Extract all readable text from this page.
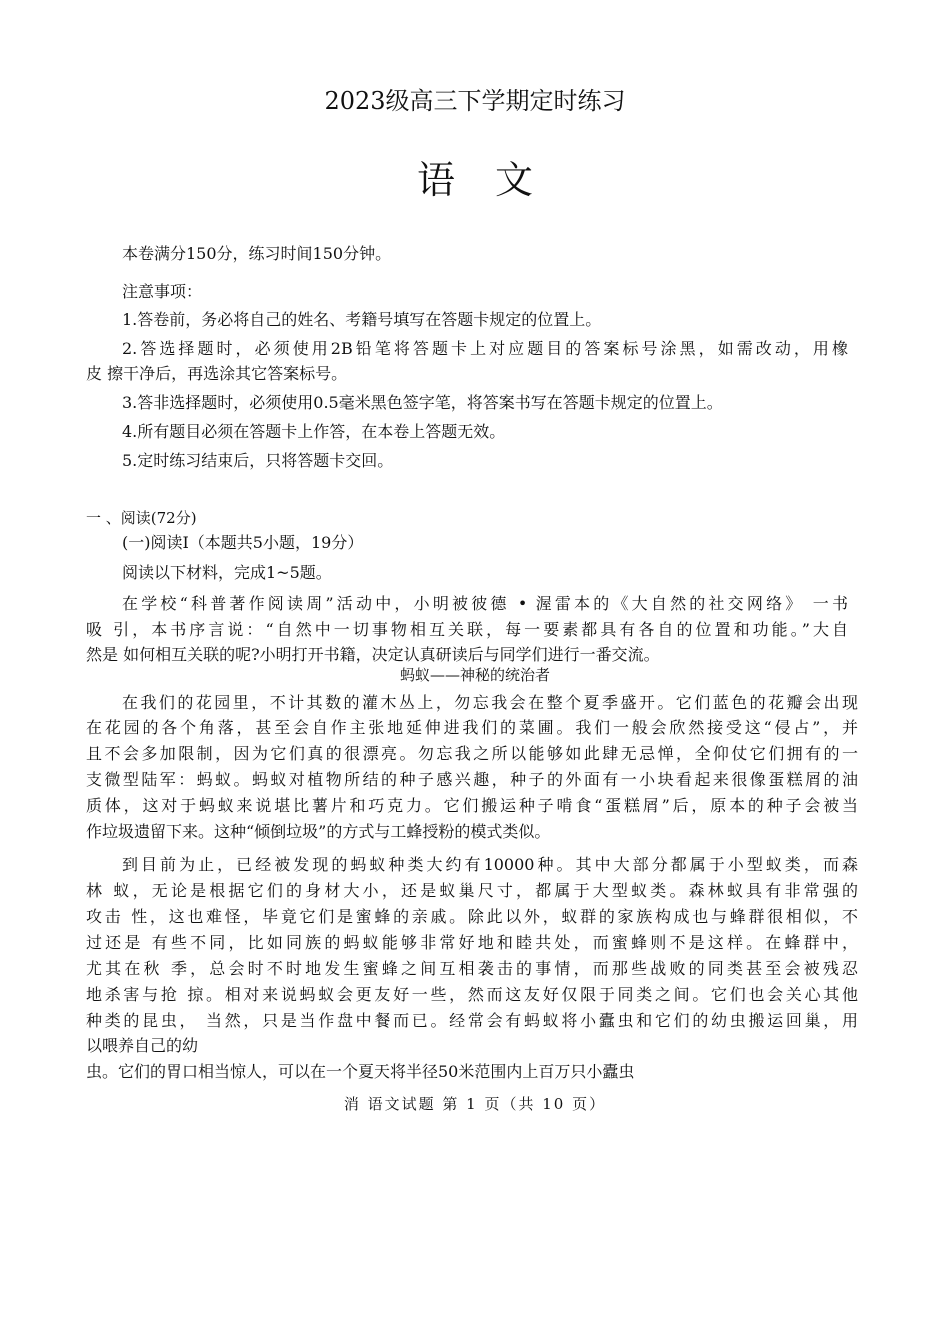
2023级高三下学期定时练习
语文
本卷满分150分，练习时间150分钟。
注意事项：
1.答卷前，务必将自己的姓名、考籍号填写在答题卡规定的位置上。
2.答选择题时，必须使用2B铅笔将答题卡上对应题目的答案标号涂黑，如需改动，用橡
皮 擦干净后，再选涂其它答案标号。
3.答非选择题时，必须使用0.5毫米黑色签字笔，将答案书写在答题卡规定的位置上。
4.所有题目必须在答题卡上作答，在本卷上答题无效。
5.定时练习结束后，只将答题卡交回。
一 、阅读(72分)
(一)阅读Ⅰ（本题共5小题，19分）
阅读以下材料，完成1~5题。
在学校“科普著作阅读周”活动中，小明被彼德 • 渥雷本的《大自然的社交网络》 一书
吸 引，本书序言说：“自然中一切事物相互关联，每一要素都具有各自的位置和功能。”大自
然是 如何相互关联的呢?小明打开书籍，决定认真研读后与同学们进行一番交流。
蚂蚁——神秘的统治者
在我们的花园里，不计其数的灌木丛上，勿忘我会在整个夏季盛开。它们蓝色的花瓣会出现
在花园的各个角落，甚至会自作主张地延伸进我们的菜圃。我们一般会欣然接受这“侵占”，并
且不会多加限制，因为它们真的很漂亮。勿忘我之所以能够如此肆无忌惮，全仰仗它们拥有的一
支微型陆军：蚂蚁。蚂蚁对植物所结的种子感兴趣，种子的外面有一小块看起来很像蛋糕屑的油
质体，这对于蚂蚁来说堪比薯片和巧克力。它们搬运种子啃食“蛋糕屑”后，原本的种子会被当
作垃圾遗留下来。这种“倾倒垃圾”的方式与工蜂授粉的模式类似。
到目前为止，已经被发现的蚂蚁种类大约有10000种。其中大部分都属于小型蚁类，而森
林 蚁，无论是根据它们的身材大小，还是蚁巢尺寸，都属于大型蚁类。森林蚁具有非常强的
攻击 性，这也难怪，毕竟它们是蜜蜂的亲戚。除此以外，蚁群的家族构成也与蜂群很相似，不
过还是 有些不同，比如同族的蚂蚁能够非常好地和睦共处，而蜜蜂则不是这样。在蜂群中，
尤其在秋 季，总会时不时地发生蜜蜂之间互相袭击的事情，而那些战败的同类甚至会被残忍
地杀害与抢 掠。相对来说蚂蚁会更友好一些，然而这友好仅限于同类之间。它们也会关心其他
种类的昆虫， 当然，只是当作盘中餐而已。经常会有蚂蚁将小蠹虫和它们的幼虫搬运回巢，用
以喂养自己的幼
虫。它们的胃口相当惊人，可以在一个夏天将半径50米范围内上百万只小蠹虫
消 语文试题 第 1 页（共 10 页）
